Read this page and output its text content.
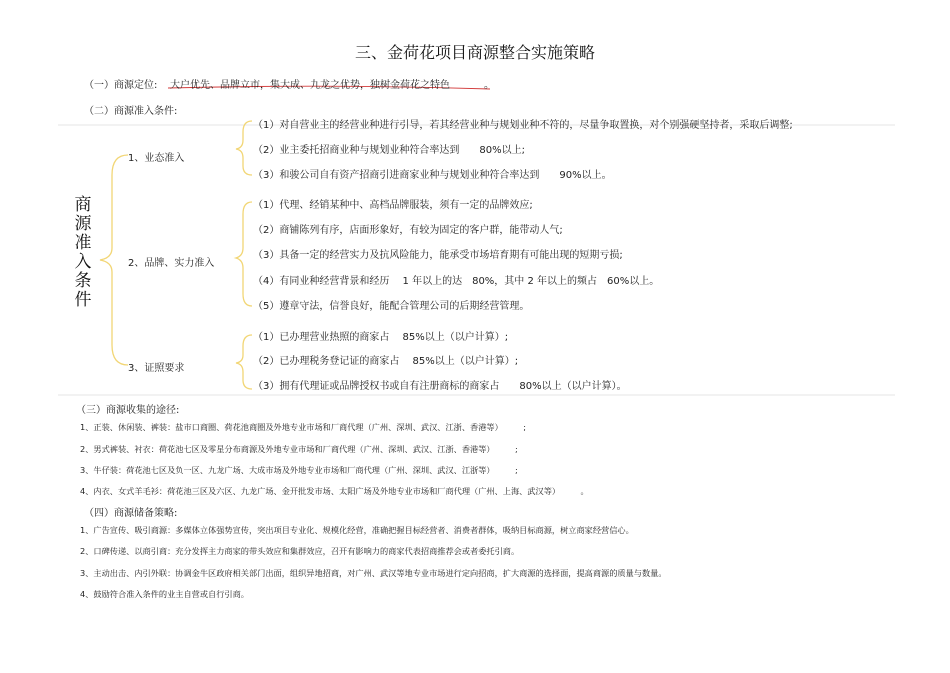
三、金荷花项目商源整合实施策略
（一）商源定位: 大户优先、品牌立市，集大成、九龙之优势，独树金荷花之特色	。
（二）商源准入条件:
商
源
准
入
条
件
1、业态准入
2、品牌、实力准入
3、证照要求
（1）对自营业主的经营业种进行引导，若其经营业种与规划业种不符的，尽量争取置换，对个别强硬坚持者，采取后调整;
（2）业主委托招商业种与规划业种符合率达到　　80%以上;
（3）和骏公司自有资产招商引进商家业种与规划业种符合率达到　　90%以上。
（1）代理、经销某种中、高档品牌服装，须有一定的品牌效应;
（2）商铺陈列有序，店面形象好，有较为固定的客户群，能带动人气;
（3）具备一定的经营实力及抗风险能力，能承受市场培育期有可能出现的短期亏损;
（4）有同业种经营背景和经历　 1 年以上的达　80%，其中 2 年以上的频占　60%以上。
（5）遵章守法，信誉良好，能配合管理公司的后期经营管理。
（1）已办理营业热照的商家占　 85%以上（以户计算）;
（2）已办理税务登记证的商家占　 85%以上（以户计算）;
（3）拥有代理证或品牌授权书或自有注册商标的商家占　　80%以上（以户计算）。
（三）商源收集的途径:
1、正装、休闲装、裤装：盐市口商圈、荷花池商圈及外地专业市场和厂商代理（广州、深圳、武汉、江浙、香港等）　　　;
2、男式裤装、衬衣：荷花池七区及零星分布商源及外地专业市场和厂商代理（广州、深圳、武汉、江浙、香港等）　　　;
3、牛仔装：荷花池七区及负一区、九龙广场、大成市场及外地专业市场和厂商代理（广州、深圳、武汉、江浙等）　　　;
4、内衣、女式羊毛衫：荷花池三区及六区、九龙广场、金开批发市场、太阳广场及外地专业市场和厂商代理（广州、上海、武汉等）　　　。
（四）商源储备策略:
1、广告宣传、吸引商源：多媒体立体强势宣传，突出项目专业化、规模化经营，准确把握目标经营者、消费者群体，吸纳目标商源，树立商家经营信心。
2、口碑传递、以商引商：充分发挥主力商家的带头效应和集群效应，召开有影响力的商家代表招商推荐会或者委托引商。
3、主动出击、内引外联：协调金牛区政府相关部门出面，组织异地招商，对广州、武汉等地专业市场进行定向招商，扩大商源的选择面，提高商源的质量与数量。
4、鼓励符合准入条件的业主自营或自行引商。
